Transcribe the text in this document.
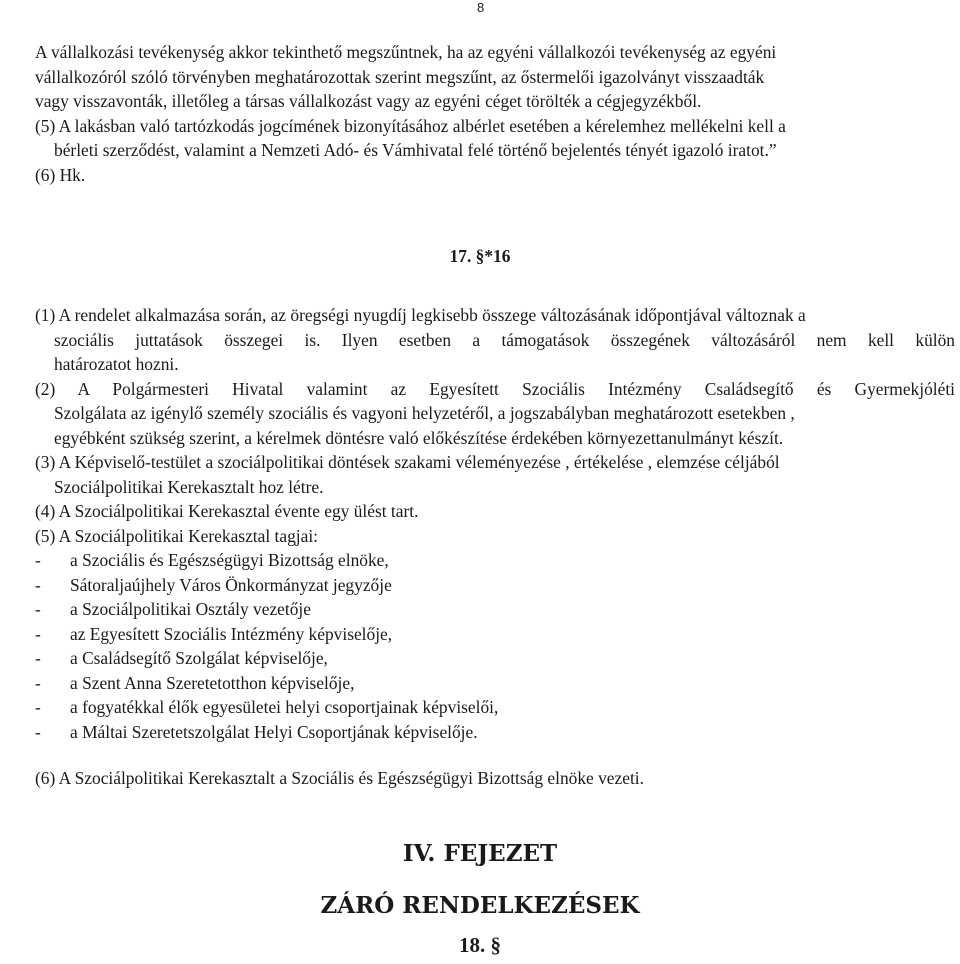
8
A vállalkozási tevékenység akkor tekinthető megszűntnek, ha az egyéni vállalkozói tevékenység az egyéni
vállalkozóról szóló törvényben meghatározottak szerint megszűnt, az őstermelői igazolványt visszaadták
vagy visszavonták, illetőleg a társas vállalkozást vagy az egyéni céget törölték a cégjegyzékből.
(5) A lakásban való tartózkodás jogcímének bizonyításához albérlet esetében a kérelemhez mellékelni kell a
bérleti szerződést, valamint a Nemzeti Adó- és Vámhivatal felé történő bejelentés tényét igazoló iratot.”
(6) Hk.
17. §*16
(1) A rendelet alkalmazása során, az öregségi nyugdíj legkisebb összege változásának időpontjával változnak a
szociális juttatások összegei is. Ilyen esetben a támogatások összegének változásáról nem kell külön
határozatot hozni.
(2) A Polgármesteri Hivatal valamint az Egyesített Szociális Intézmény Családsegítő és Gyermekjóléti
Szolgálata az igénylő személy szociális és vagyoni helyzetéről, a jogszabályban meghatározott esetekben ,
egyébként szükség szerint, a kérelmek döntésre való előkészítése érdekében környezettanulmányt készít.
(3) A Képviselő-testület a szociálpolitikai döntések szakami véleményezése , értékelése , elemzése céljából
Szociálpolitikai Kerekasztalt hoz létre.
(4) A Szociálpolitikai Kerekasztal évente egy ülést tart.
(5) A Szociálpolitikai Kerekasztal tagjai:
- a Szociális és Egészségügyi Bizottság elnöke,
- Sátoraljaújhely Város Önkormányzat jegyzője
- a Szociálpolitikai Osztály vezetője
- az Egyesített Szociális Intézmény képviselője,
- a Családsegítő Szolgálat képviselője,
- a Szent Anna Szeretetotthon képviselője,
- a fogyatékkal élők egyesületei helyi csoportjainak képviselői,
- a Máltai Szeretetszolgálat Helyi Csoportjának képviselője.
(6) A Szociálpolitikai Kerekasztalt a Szociális és Egészségügyi Bizottság elnöke vezeti.
IV. FEJEZET
ZÁRÓ RENDELKEZÉSEK
18. §
